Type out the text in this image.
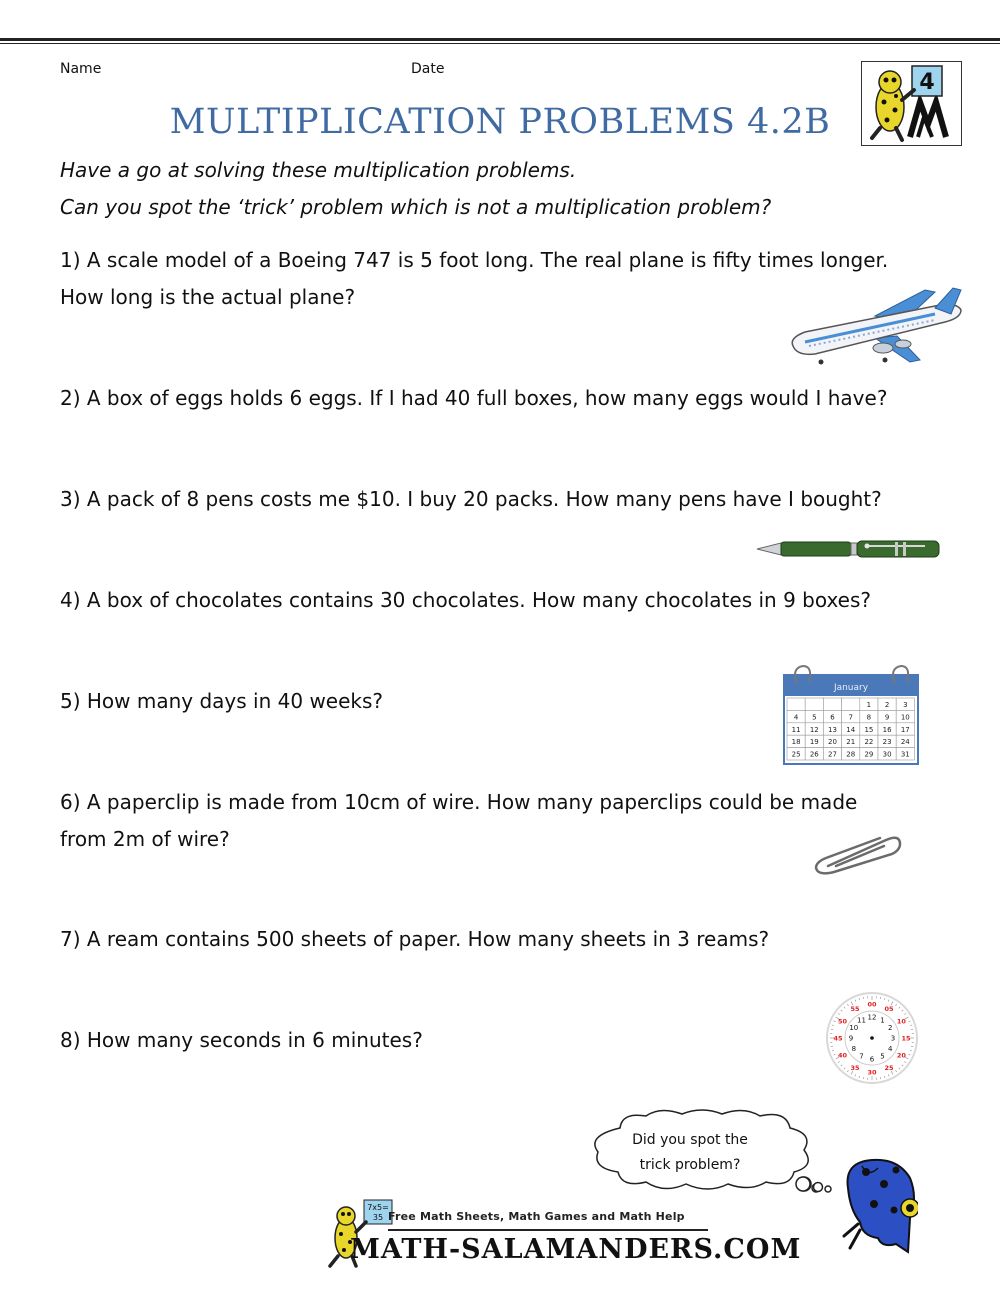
Name	Date
4
MULTIPLICATION PROBLEMS 4.2B
Have a go at solving these multiplication problems.
Can you spot the ‘trick’ problem which is not a multiplication problem?
1) A scale model of a Boeing 747 is 5 foot long. The real plane is fifty times longer.
How long is the actual plane?
2) A box of eggs holds 6 eggs. If I had 40 full boxes, how many eggs would I have?
3) A pack of 8 pens costs me $10. I buy 20 packs. How many pens have I bought?
4) A box of chocolates contains 30 chocolates. How many chocolates in 9 boxes?
5) How many days in 40 weeks?
6) A paperclip is made from 10cm of wire. How many paperclips could be made
from 2m of wire?
7) A ream contains 500 sheets of paper. How many sheets in 3 reams?
8) How many seconds in 6 minutes?
January
1 2 3
4 5 6 7 8 9 10
11 12 13 14 15 16 17
18 19 20 21 22 23 24
25 26 27 28 29 30 31
00
05
10
15
20
25
30
35
40
45
50
55
12 1
2
3
4
5
6
7
8
9
10
11
Did you spot the
trick problem?
7x5=
35 Free Math Sheets, Math Games and Math Help
MATH-SALAMANDERS.COM
